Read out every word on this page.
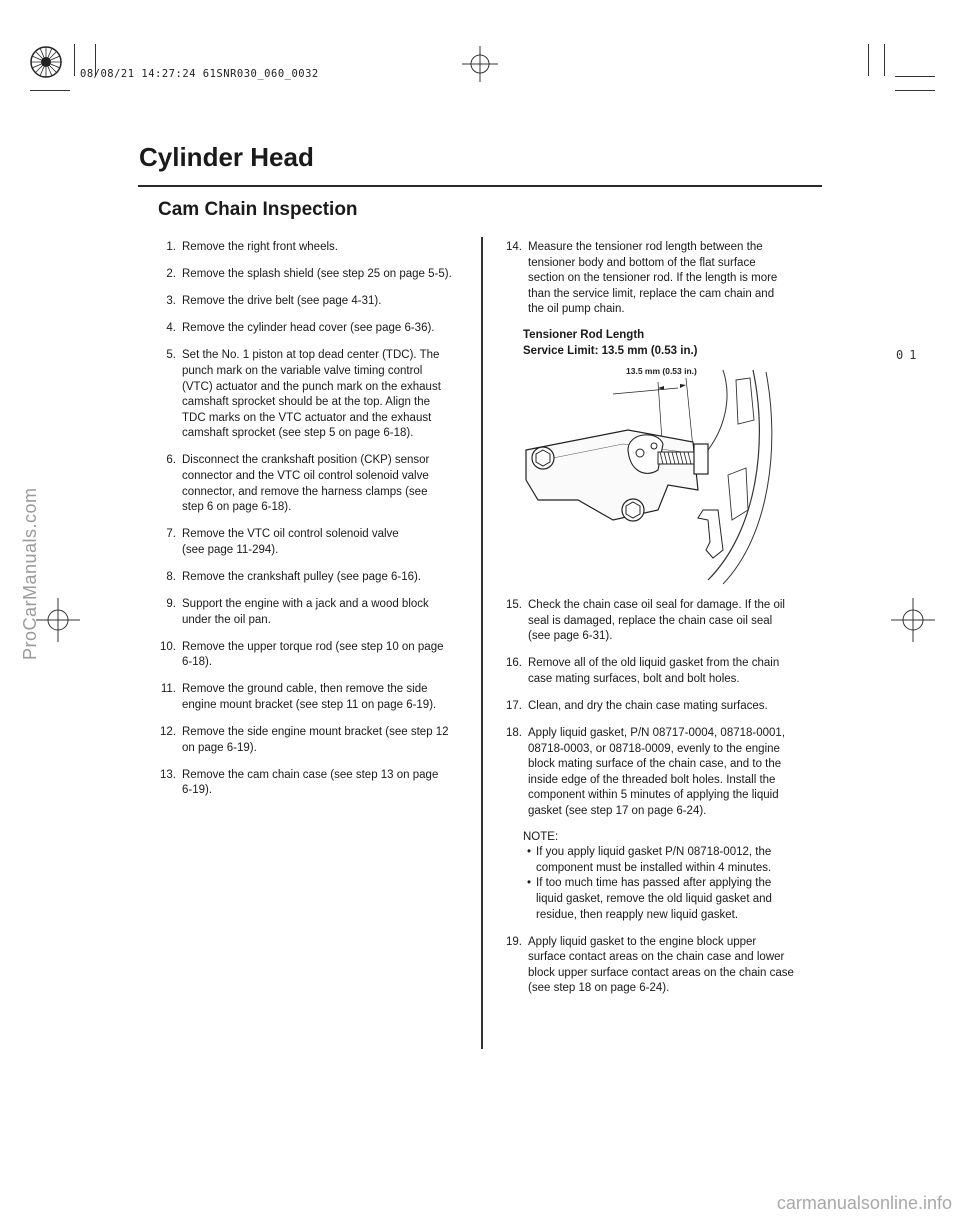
08/08/21 14:27:24 61SNR030_060_0032
01
Cylinder Head
Cam Chain Inspection
1. Remove the right front wheels.
2. Remove the splash shield (see step 25 on page 5-5).
3. Remove the drive belt (see page 4-31).
4. Remove the cylinder head cover (see page 6-36).
5. Set the No. 1 piston at top dead center (TDC). The
punch mark on the variable valve timing control
(VTC) actuator and the punch mark on the exhaust
camshaft sprocket should be at the top. Align the
TDC marks on the VTC actuator and the exhaust
camshaft sprocket (see step 5 on page 6-18).
6. Disconnect the crankshaft position (CKP) sensor
connector and the VTC oil control solenoid valve
connector, and remove the harness clamps (see
step 6 on page 6-18).
7. Remove the VTC oil control solenoid valve
(see page 11-294).
8. Remove the crankshaft pulley (see page 6-16).
9. Support the engine with a jack and a wood block
under the oil pan.
10. Remove the upper torque rod (see step 10 on page
6-18).
11. Remove the ground cable, then remove the side
engine mount bracket (see step 11 on page 6-19).
12. Remove the side engine mount bracket (see step 12
on page 6-19).
13. Remove the cam chain case (see step 13 on page
6-19).
14. Measure the tensioner rod length between the
tensioner body and bottom of the flat surface
section on the tensioner rod. If the length is more
than the service limit, replace the cam chain and
the oil pump chain.
Tensioner Rod Length
Service Limit: 13.5 mm (0.53 in.)
13.5 mm (0.53 in.)
15. Check the chain case oil seal for damage. If the oil
seal is damaged, replace the chain case oil seal
(see page 6-31).
16. Remove all of the old liquid gasket from the chain
case mating surfaces, bolt and bolt holes.
17. Clean, and dry the chain case mating surfaces.
18. Apply liquid gasket, P/N 08717-0004, 08718-0001,
08718-0003, or 08718-0009, evenly to the engine
block mating surface of the chain case, and to the
inside edge of the threaded bolt holes. Install the
component within 5 minutes of applying the liquid
gasket (see step 17 on page 6-24).
NOTE:
• If you apply liquid gasket P/N 08718-0012, the
component must be installed within 4 minutes.
• If too much time has passed after applying the
liquid gasket, remove the old liquid gasket and
residue, then reapply new liquid gasket.
19. Apply liquid gasket to the engine block upper
surface contact areas on the chain case and lower
block upper surface contact areas on the chain case
(see step 18 on page 6-24).
ProCarManuals.com
carmanualsonline.info
